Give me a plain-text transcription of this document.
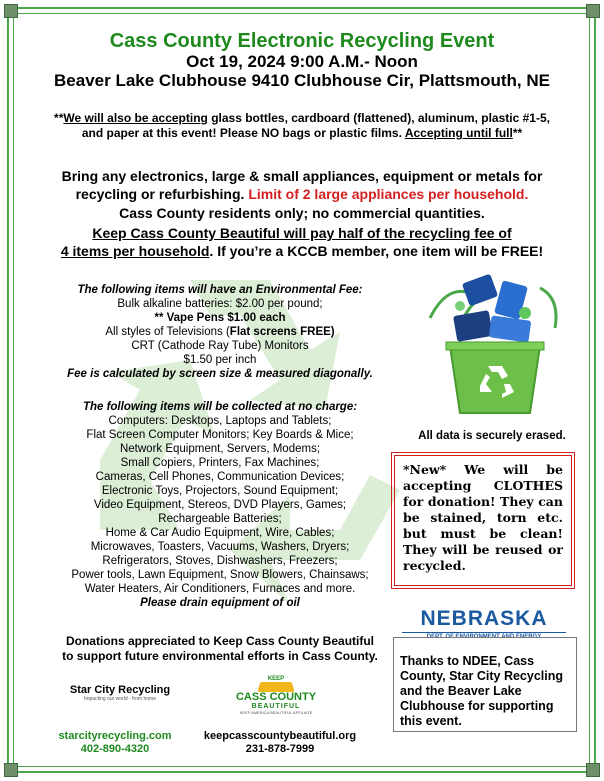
Cass County Electronic Recycling Event
Oct 19, 2024 9:00 A.M.- Noon
Beaver Lake Clubhouse 9410 Clubhouse Cir, Plattsmouth, NE
**We will also be accepting glass bottles, cardboard (flattened), aluminum, plastic #1-5,
and paper at this event! Please NO bags or plastic films. Accepting until full**
Bring any electronics, large & small appliances, equipment or metals for
recycling or refurbishing. Limit of 2 large appliances per household.
Cass County residents only; no commercial quantities.
Keep Cass County Beautiful will pay half of the recycling fee of
4 items per household. If you’re a KCCB member, one item will be FREE!
The following items will have an Environmental Fee:
Bulk alkaline batteries: $2.00 per pound;
** Vape Pens $1.00 each
All styles of Televisions (Flat screens FREE)
CRT (Cathode Ray Tube) Monitors
$1.50 per inch
Fee is calculated by screen size & measured diagonally.
The following items will be collected at no charge:
Computers: Desktops, Laptops and Tablets;
Flat Screen Computer Monitors; Key Boards & Mice;
Network Equipment, Servers, Modems;
Small Copiers, Printers, Fax Machines;
Cameras, Cell Phones, Communication Devices;
Electronic Toys, Projectors, Sound Equipment;
Video Equipment, Stereos, DVD Players, Games;
Rechargeable Batteries;
Home & Car Audio Equipment, Wire, Cables;
Microwaves, Toasters, Vacuums, Washers, Dryers;
Refrigerators, Stoves, Dishwashers, Freezers;
Power tools, Lawn Equipment, Snow Blowers, Chainsaws;
Water Heaters, Air Conditioners, Furnaces and more.
Please drain equipment of oil
All data is securely erased.
*New* We will be accepting CLOTHES for donation! They can be stained, torn etc. but must be clean! They will be reused or recycled.
Donations appreciated to Keep Cass County Beautiful
to support future environmental efforts in Cass County.
Star City Recycling
Impacting our world - from home
starcityrecycling.com
402-890-4320
KEEP
CASS COUNTY
BEAUTIFUL
KEEP AMERICA BEAUTIFUL AFFILIATE
keepcasscountybeautiful.org
231-878-7999
NEBRASKA
DEPT. OF ENVIRONMENT AND ENERGY
Thanks to NDEE, Cass County, Star City Recycling and the Beaver Lake Clubhouse for supporting this event.
